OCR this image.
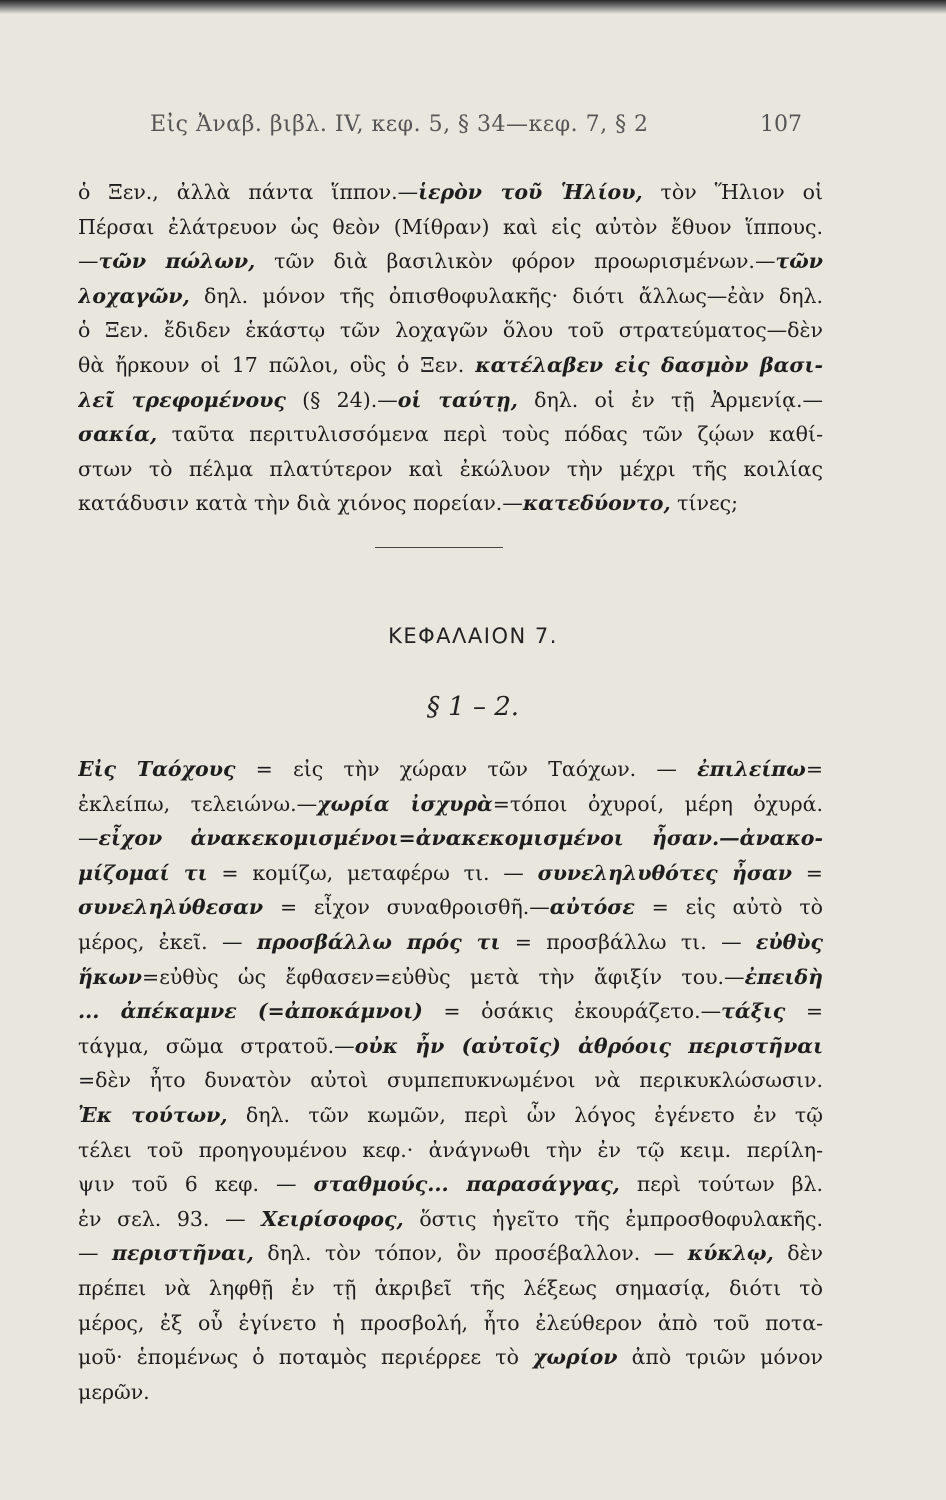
Εἰς Ἀναβ. βιβλ. IV, κεφ. 5, § 34—κεφ. 7, § 2	107
ὁ Ξεν., ἀλλὰ πάντα ἵππον.—ἱερὸν τοῦ Ἡλίου, τὸν Ἥλιον οἱ
Πέρσαι ἐλάτρευον ὡς θεὸν (Μίθραν) καὶ εἰς αὐτὸν ἔθυον ἵππους.
—τῶν πώλων, τῶν διὰ βασιλικὸν φόρον προωρισμένων.—τῶν
λοχαγῶν, δηλ. μόνον τῆς ὀπισθοφυλακῆς· διότι ἄλλως—ἐὰν δηλ.
ὁ Ξεν. ἔδιδεν ἑκάστῳ τῶν λοχαγῶν ὅλου τοῦ στρατεύματος—δὲν
θὰ ἤρκουν οἱ 17 πῶλοι, οὓς ὁ Ξεν. κατέλαβεν εἰς δασμὸν βασι-
λεῖ τρεφομένους (§ 24).—οἱ ταύτῃ, δηλ. οἱ ἐν τῇ Ἀρμενίᾳ.—
σακία, ταῦτα περιτυλισσόμενα περὶ τοὺς πόδας τῶν ζῴων καθί-
στων τὸ πέλμα πλατύτερον καὶ ἐκώλυον τὴν μέχρι τῆς κοιλίας
κατάδυσιν κατὰ τὴν διὰ χιόνος πορείαν.—κατεδύοντο, τίνες;
ΚΕΦΑΛΑΙΟΝ 7.
§ 1 – 2.
Εἰς Ταόχους = εἰς τὴν χώραν τῶν Ταόχων. — ἐπιλείπω=
ἐκλείπω, τελειώνω.—χωρία ἰσχυρὰ=τόποι ὀχυροί, μέρη ὀχυρά.
—εἶχον ἀνακεκομισμένοι=ἀνακεκομισμένοι ἦσαν.—ἀνακο-
μίζομαί τι = κομίζω, μεταφέρω τι. — συνεληλυθότες ἦσαν =
συνεληλύθεσαν = εἶχον συναθροισθῆ.—αὐτόσε = εἰς αὐτὸ τὸ
μέρος, ἐκεῖ. — προσβάλλω πρός τι = προσβάλλω τι. — εὐθὺς
ἥκων=εὐθὺς ὡς ἔφθασεν=εὐθὺς μετὰ τὴν ἄφιξίν του.—ἐπειδὴ
... ἀπέκαμνε (=ἀποκάμνοι) = ὁσάκις ἐκουράζετο.—τάξις =
τάγμα, σῶμα στρατοῦ.—οὐκ ἦν (αὐτοῖς) ἀθρόοις περιστῆναι
=δὲν ἦτο δυνατὸν αὐτοὶ συμπεπυκνωμένοι νὰ περικυκλώσωσιν.
Ἐκ τούτων, δηλ. τῶν κωμῶν, περὶ ὧν λόγος ἐγένετο ἐν τῷ
τέλει τοῦ προηγουμένου κεφ.· ἀνάγνωθι τὴν ἐν τῷ κειμ. περίλη-
ψιν τοῦ 6 κεφ. — σταθμούς... παρασάγγας, περὶ τούτων βλ.
ἐν σελ. 93. — Χειρίσοφος, ὅστις ἡγεῖτο τῆς ἐμπροσθοφυλακῆς.
— περιστῆναι, δηλ. τὸν τόπον, ὃν προσέβαλλον. — κύκλῳ, δὲν
πρέπει νὰ ληφθῇ ἐν τῇ ἀκριβεῖ τῆς λέξεως σημασίᾳ, διότι τὸ
μέρος, ἐξ οὗ ἐγίνετο ἡ προσβολή, ἦτο ἐλεύθερον ἀπὸ τοῦ ποτα-
μοῦ· ἑπομένως ὁ ποταμὸς περιέρρεε τὸ χωρίον ἀπὸ τριῶν μόνον
μερῶν.
